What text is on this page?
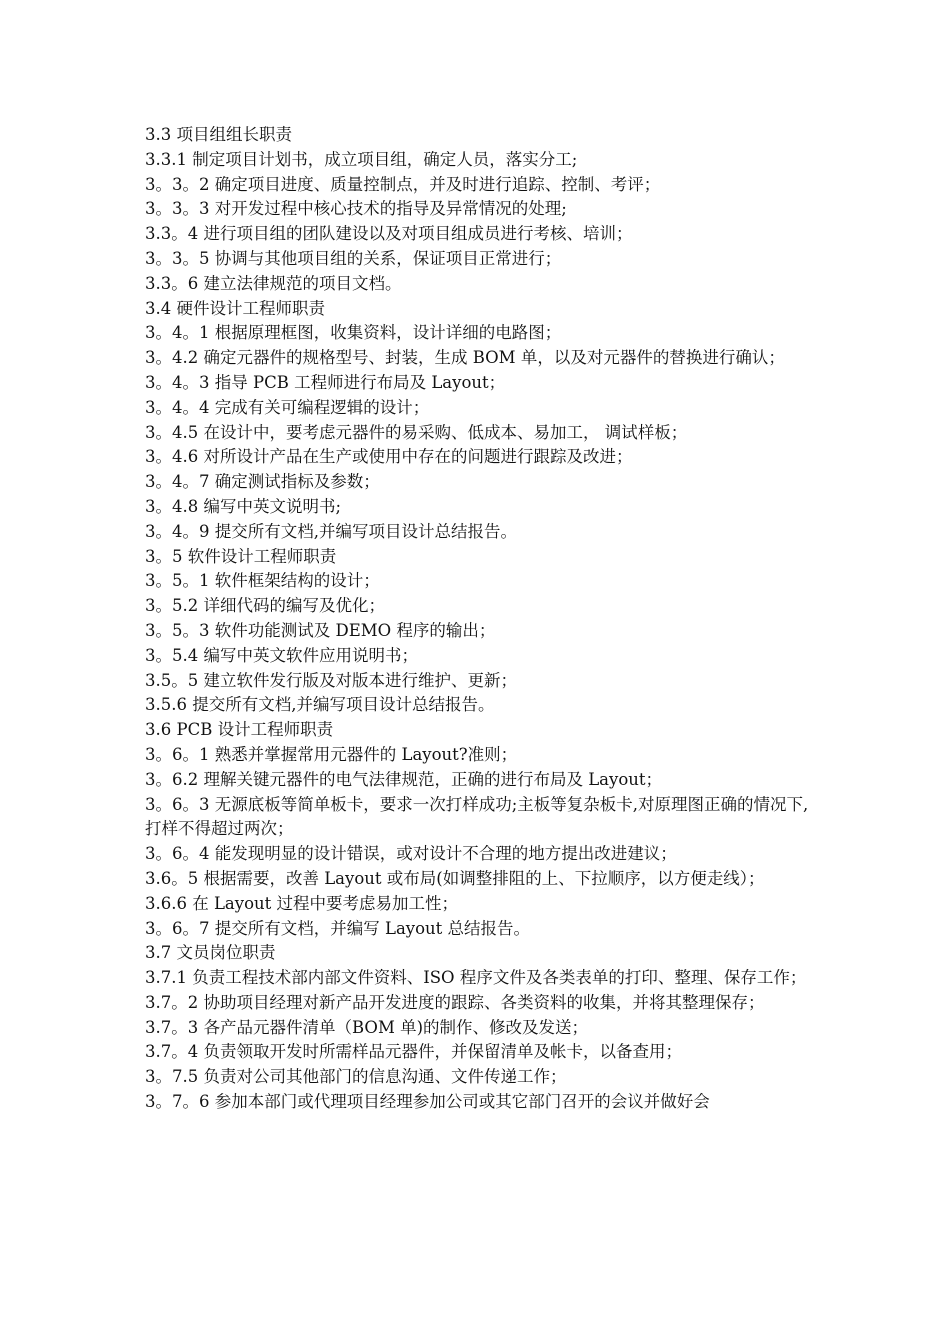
3.3 项目组组长职责

3.3.1 制定项目计划书，成立项目组，确定人员，落实分工;

3。3。2 确定项目进度、质量控制点，并及时进行追踪、控制、考评；

3。3。3 对开发过程中核心技术的指导及异常情况的处理;

3.3。4 进行项目组的团队建设以及对项目组成员进行考核、培训；

3。3。5 协调与其他项目组的关系，保证项目正常进行；

3.3。6 建立法律规范的项目文档。

3.4 硬件设计工程师职责

3。4。1 根据原理框图，收集资料，设计详细的电路图；

3。4.2 确定元器件的规格型号、封装，生成 BOM 单，以及对元器件的替换进行确认；

3。4。3 指导 PCB 工程师进行布局及 Layout；

3。4。4 完成有关可编程逻辑的设计；

3。4.5 在设计中，要考虑元器件的易采购、低成本、易加工， 调试样板；

3。4.6 对所设计产品在生产或使用中存在的问题进行跟踪及改进；

3。4。7 确定测试指标及参数；

3。4.8 编写中英文说明书;

3。4。9 提交所有文档,并编写项目设计总结报告。

3。5 软件设计工程师职责

3。5。1 软件框架结构的设计；

3。5.2 详细代码的编写及优化；

3。5。3 软件功能测试及 DEMO 程序的输出；

3。5.4 编写中英文软件应用说明书；

3.5。5 建立软件发行版及对版本进行维护、更新；

3.5.6 提交所有文档,并编写项目设计总结报告。

3.6 PCB 设计工程师职责

3。6。1 熟悉并掌握常用元器件的 Layout?准则；

3。6.2 理解关键元器件的电气法律规范，正确的进行布局及 Layout；

3。6。3 无源底板等简单板卡，要求一次打样成功;主板等复杂板卡,对原理图正确的情况下,打样不得超过两次；

3。6。4 能发现明显的设计错误，或对设计不合理的地方提出改进建议；

3.6。5 根据需要，改善 Layout 或布局(如调整排阻的上、下拉顺序，以方便走线）；

3.6.6 在 Layout 过程中要考虑易加工性；

3。6。7 提交所有文档，并编写 Layout 总结报告。

3.7 文员岗位职责

3.7.1 负责工程技术部内部文件资料、ISO 程序文件及各类表单的打印、整理、保存工作；

3.7。2 协助项目经理对新产品开发进度的跟踪、各类资料的收集，并将其整理保存；

3.7。3 各产品元器件清单（BOM 单)的制作、修改及发送；

3.7。4 负责领取开发时所需样品元器件，并保留清单及帐卡，以备查用；

3。7.5 负责对公司其他部门的信息沟通、文件传递工作；

3。7。6 参加本部门或代理项目经理参加公司或其它部门召开的会议并做好会
